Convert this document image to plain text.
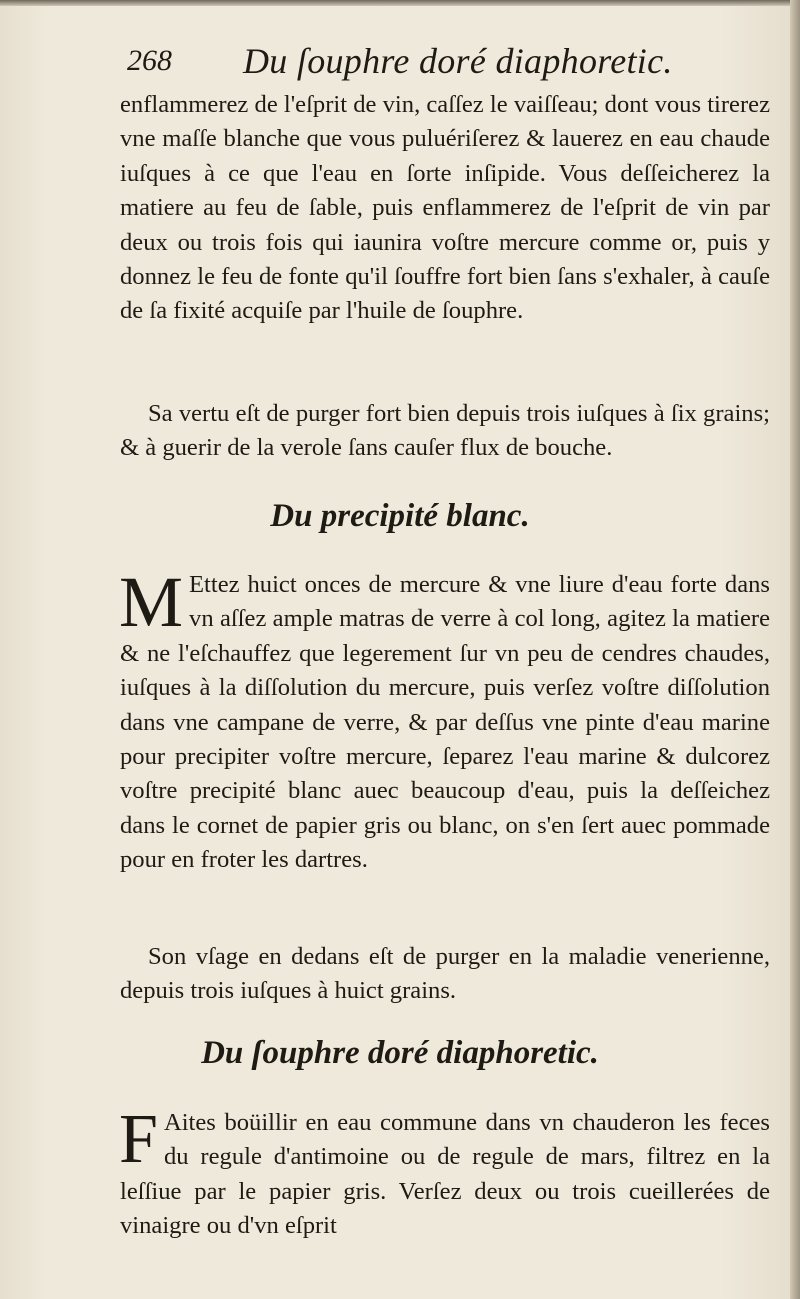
268 Du ſouphre doré diaphoretic.

enflammerez de l'eſprit de vin, caſſez le vaiſſeau; dont vous tirerez vne maſſe blanche que vous puluériſerez & lauerez en eau chaude iuſques à ce que l'eau en ſorte inſipide. Vous deſſeicherez la matiere au feu de ſable, puis enflammerez de l'eſprit de vin par deux ou trois fois qui iaunira voſtre mercure comme or, puis y donnez le feu de fonte qu'il ſouffre fort bien ſans s'exhaler, à cauſe de ſa fixité acquiſe par l'huile de ſouphre.

Sa vertu eſt de purger fort bien depuis trois iuſques à ſix grains; & à guerir de la verole ſans cauſer flux de bouche.

Du precipité blanc.

M Ettez huict onces de mercure & vne liure d'eau forte dans vn aſſez ample matras de verre à col long, agitez la matiere & ne l'eſchauffez que legerement ſur vn peu de cendres chaudes, iuſques à la diſſolution du mercure, puis verſez voſtre diſſolution dans vne campane de verre, & par deſſus vne pinte d'eau marine pour precipiter voſtre mercure, ſeparez l'eau marine & dulcorez voſtre precipité blanc auec beaucoup d'eau, puis la deſſeichez dans le cornet de papier gris ou blanc, on s'en ſert auec pommade pour en froter les dartres.

Son vſage en dedans eſt de purger en la maladie venerienne, depuis trois iuſques à huict grains.

Du ſouphre doré diaphoretic.

F Aites boüillir en eau commune dans vn chauderon les feces du regule d'antimoine ou de regule de mars, filtrez en la leſſiue par le papier gris. Verſez deux ou trois cueillerées de vinaigre ou d'vn eſprit
